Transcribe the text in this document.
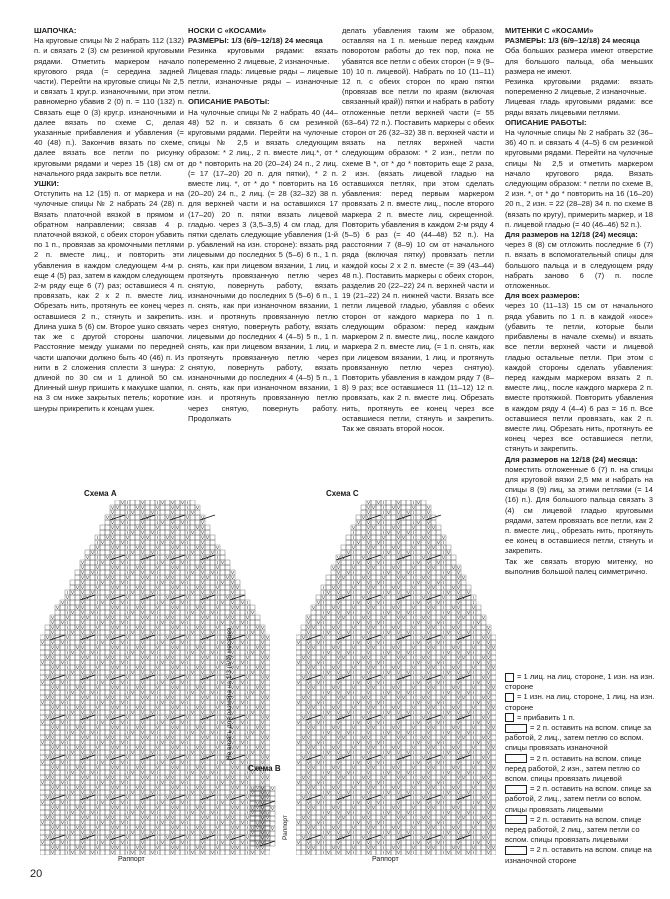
ШАПОЧКА:

На круговые спицы № 2 набрать 112 (132) п. и связать 2 (3) см резинкой круговыми рядами. Отметить маркером начало кругового ряда (= середина задней части). Перейти на круговые спицы № 2,5 и связать 1 круг.р. изнаночными, при этом равномерно убавив 2 (0) п. = 110 (132) п. Связать еще 0 (3) круг.р. изнаночными и далее вязать по схеме С, делая указанные прибавления и убавления (= 40 (48) п.). Закончив вязать по схеме, далее вязать все петли по рисунку круговыми рядами и через 15 (18) см от начального ряда закрыть все петли.

УШКИ:

Отступить на 12 (15) п. от маркера и на чулочные спицы № 2 набрать 24 (28) п. Вязать платочной вязкой в прямом и обратном направлении; связав 4 р. платочной вязкой, с обеих сторон убавить по 1 п., провязав за кромочными петлями 2 п. вместе лиц., и повторить эти убавления в каждом следующем 4-м р. еще 4 (5) раз, затем в каждом следующем 2-м ряду еще 6 (7) раз; оставшиеся 4 п. провязать, как 2 х 2 п. вместе лиц. Обрезать нить, протянуть ее конец через оставшиеся 2 п., стянуть и закрепить. Длина ушка 5 (6) см. Второе ушко связать так же с другой стороны шапочки. Расстояние между ушками по передней части шапочки должно быть 40 (46) п. Из нити в 2 сложения сплести 3 шнура: 2 длиной по 30 см и 1 длиной 50 см. Длинный шнур пришить к макушке шапки, на 3 см ниже закрытых петель; короткие шнуры прикрепить к концам ушек.

НОСКИ С «КОСАМИ»

РАЗМЕРЫ: 1/3 (6/9–12/18) 24 месяца

Резинка круговыми рядами: вязать попеременно 2 лицевые, 2 изнаночные.

Лицевая гладь: лицевые ряды – лицевые петли, изнаночные ряды – изнаночные петли.

ОПИСАНИЕ РАБОТЫ:

На чулочные спицы № 2 набрать 40 (44–48) 52 п. и связать 6 см резинкой круговыми рядами. Перейти на чулочные спицы № 2,5 и вязать следующим образом: * 2 лиц., 2 п. вместе лиц.*, от * до * повторить на 20 (20–24) 24 п., 2 лиц. (= 17 (17–20) 20 п. для пятки), * 2 п. вместе лиц. *, от * до * повторить на 16 (20–20) 24 п., 2 лиц. (= 28 (32–32) 38 п. для верхней части и на оставшихся 17 (17–20) 20 п. пятки вязать лицевой гладью. через 3 (3,5–3,5) 4 см глад. для пятки сделать следующие убавления (1-й р. убавлений на изн. стороне): вязать ряд лицевыми до последних 5 (5–6) 6 п., 1 п. снять, как при лицевом вязании, 1 лиц. и протянуть провязанную петлю через снятую, повернуть работу, вязать изнаночными до последних 5 (5–6) 6 п., 1 п. снять, как при изнаночном вязании, 1 изн. и протянуть провязанную петлю через снятую, повернуть работу, вязать лицевыми до последних 4 (4–5) 5 п., 1 п. снять, как при лицевом вязании, 1 лиц. и протянуть провязанную петлю через снятую, повернуть работу, вязать изнаночными до последних 4 (4–5) 5 п., 1 п. снять, как при изнаночном вязании, 1 изн. и протянуть провязанную петлю через снятую, повернуть работу. Продолжать

делать убавления таким же образом, оставляя на 1 п. меньше перед каждым поворотом работы до тех пор, пока не убавятся все петли с обеих сторон (= 9 (9–10) 10 п. лицевой). Набрать по 10 (11–11) 12 п. с обеих сторон по краю пятки (провязав все петли по краям (включая связанный край)) пятки и набрать в работу отложенные петли верхней части (= 55 (63–64) 72 п.). Поставить маркеры с обеих сторон от 26 (32–32) 38 п. верхней части и вязать на петлях верхней части следующим образом: * 2 изн., петли по схеме В *, от * до * повторить еще 2 раза, 2 изн. (вязать лицевой гладью на оставшихся петлях, при этом сделать убавления: перед первым маркером провязать 2 п. вместе лиц., после второго маркера 2 п. вместе лиц. скрещенной. Повторить убавления в каждом 2-м ряду 4 (5–5) 6 раз (= 40 (44–48) 52 п.). На расстоянии 7 (8–9) 10 см от начального ряда (включая пятку) провязать петли каждой косы 2 х 2 п. вместе (= 39 (43–44) 48 п.). Поставить маркеры с обеих сторон, разделив 20 (22–22) 24 п. верхней части и 19 (21–22) 24 п. нижней части. Вязать все петли лицевой гладью, убавляя с обеих сторон от каждого маркера по 1 п. следующим образом: перед каждым маркером 2 п. вместе лиц., после каждого маркера 2 п. вместе лиц. (= 1 п. снять, как при лицевом вязании, 1 лиц. и протянуть провязанную петлю через снятую). Повторить убавления в каждом ряду 7 (8–8) 9 раз; все оставшиеся 11 (11–12) 12 п. провязать, как 2 п. вместе лиц. Обрезать нить, протянуть ее конец через все оставшиеся петли, стянуть и закрепить. Так же связать второй носок.

МИТЕНКИ С «КОСАМИ»

РАЗМЕРЫ: 1/3 (6/9–12/18) 24 месяца

Оба больших размера имеют отверстие для большого пальца, оба меньших размера не имеют.

Резинка круговыми рядами: вязать попеременно 2 лицевые, 2 изнаночные.

Лицевая гладь круговыми рядами: все ряды вязать лицевыми петлями.

ОПИСАНИЕ РАБОТЫ:

На чулочные спицы № 2 набрать 32 (36–36) 40 п. и связать 4 (4–5) 6 см резинкой круговыми рядами. Перейти на чулочные спицы № 2,5 и отметить маркером начало кругового ряда. Вязать следующим образом: * петли по схеме В, 2 изн. *, от * до * повторить на 16 (16–20) 20 п., 2 изн. = 22 (28–28) 34 п. по схеме В (вязать по кругу), примерить маркер, и 18 п. лицевой гладью (= 40 (46–46) 52 п.).

Для размеров на 12/18 (24) месяца:

через 8 (8) см отложить последние 6 (7) п. вязать в вспомогательный спицы для большого пальца и в следующем ряду набрать заново 6 (7) п. после отложенных.

Для всех размеров:

через 10 (11–13) 15 см от начального ряда убавить по 1 п. в каждой «косе» (убавить те петли, которые были прибавлены в начале схемы) и вязать все петли верхней части и лицевой гладью остальные петли. При этом с каждой стороны сделать убавления: перед каждым маркером вязать 2 п. вместе лиц., после каждого маркера 2 п. вместе протяжкой. Повторить убавления в каждом ряду 4 (4–4) 6 раз = 16 п. Все оставшиеся петли провязать, как 2 п. вместе лиц. Обрезать нить, протянуть ее конец через все оставшиеся петли, стянуть и закрепить.

Для размеров на 12/18 (24) месяца:

поместить отложенные 6 (7) п. на спицы для круговой вязки 2,5 мм и набрать на спицы 8 (9) лиц, за этими петлями (= 14 (16) п.). Для большого пальца связать 3 (4) см лицевой гладью круговыми рядами, затем провязать все петли, как 2 п. вместе лиц., обрезать нить, протянуть ее конец в оставшиеся петли, стянуть и закрепить.

Так же связать вторую митенку, но выполнив большой палец симметрично.

Схема А
Раппорт
Не вязать для размера на 1/3 (6/9) месяцев
Схема В
Раппорт
Схема С
Раппорт
= 1 лиц. на лиц. стороне, 1 изн. на изн. стороне
= 1 изн. на лиц. стороне, 1 лиц. на изн. стороне
= прибавить 1 п.
= 2 п. оставить на вспом. спице за работой, 2 лиц., затем петлю со вспом. спицы провязать изнаночной
= 2 п. оставить на вспом. спице перед работой, 2 изн., затем петлю со вспом. спицы провязать лицевой
= 2 п. оставить на вспом. спице за работой, 2 лиц., затем петли со вспом. спицы провязать лицевыми
= 2 п. оставить на вспом. спице перед работой, 2 лиц., затем петли со вспом. спицы провязать лицевыми
= 2 п. оставить на вспом. спице на изнаночной стороне
20
